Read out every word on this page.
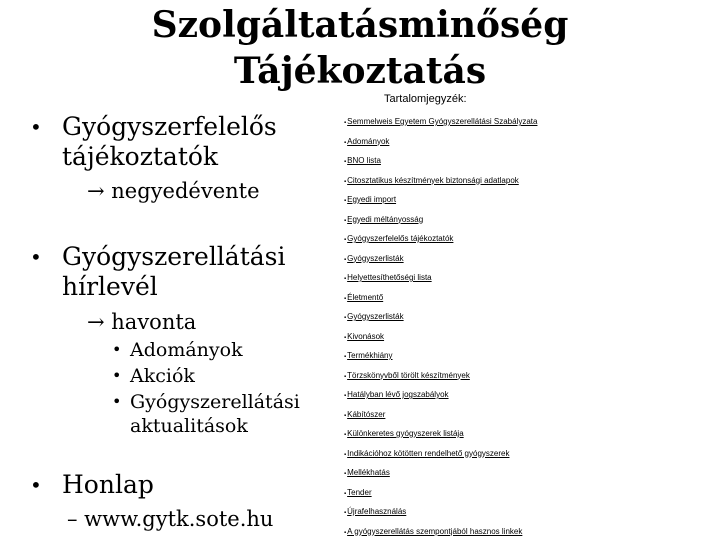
Szolgáltatásminőség
Tájékoztatás
• Gyógyszerfelelős
tájékoztatók
→ negyedévente
• Gyógyszerellátási
hírlevél
→ havonta
• Adományok
• Akciók
• Gyógyszerellátási
aktualitások
• Honlap
– www.gytk.sote.hu
Tartalomjegyzék:
▪Semmelweis Egyetem Gyógyszerellátási Szabályzata
▪Adományok
▪BNO lista
▪Citosztatikus készítmények biztonsági adatlapok
▪Egyedi import
▪Egyedi méltányosság
▪Gyógyszerfelelős tájékoztatók
▪Gyógyszerlisták
▪Helyettesíthetőségi lista
▪Életmentő
▪Gyógyszerlisták
▪Kivonások
▪Termékhiány
▪Törzskönyvből törölt készítmények
▪Hatályban lévő jogszabályok
▪Kábítószer
▪Különkeretes gyógyszerek listája
▪Indikációhoz kötötten rendelhető gyógyszerek
▪Mellékhatás
▪Tender
▪Újrafelhasználás
▪A gyógyszerellátás szempontjából hasznos linkek
